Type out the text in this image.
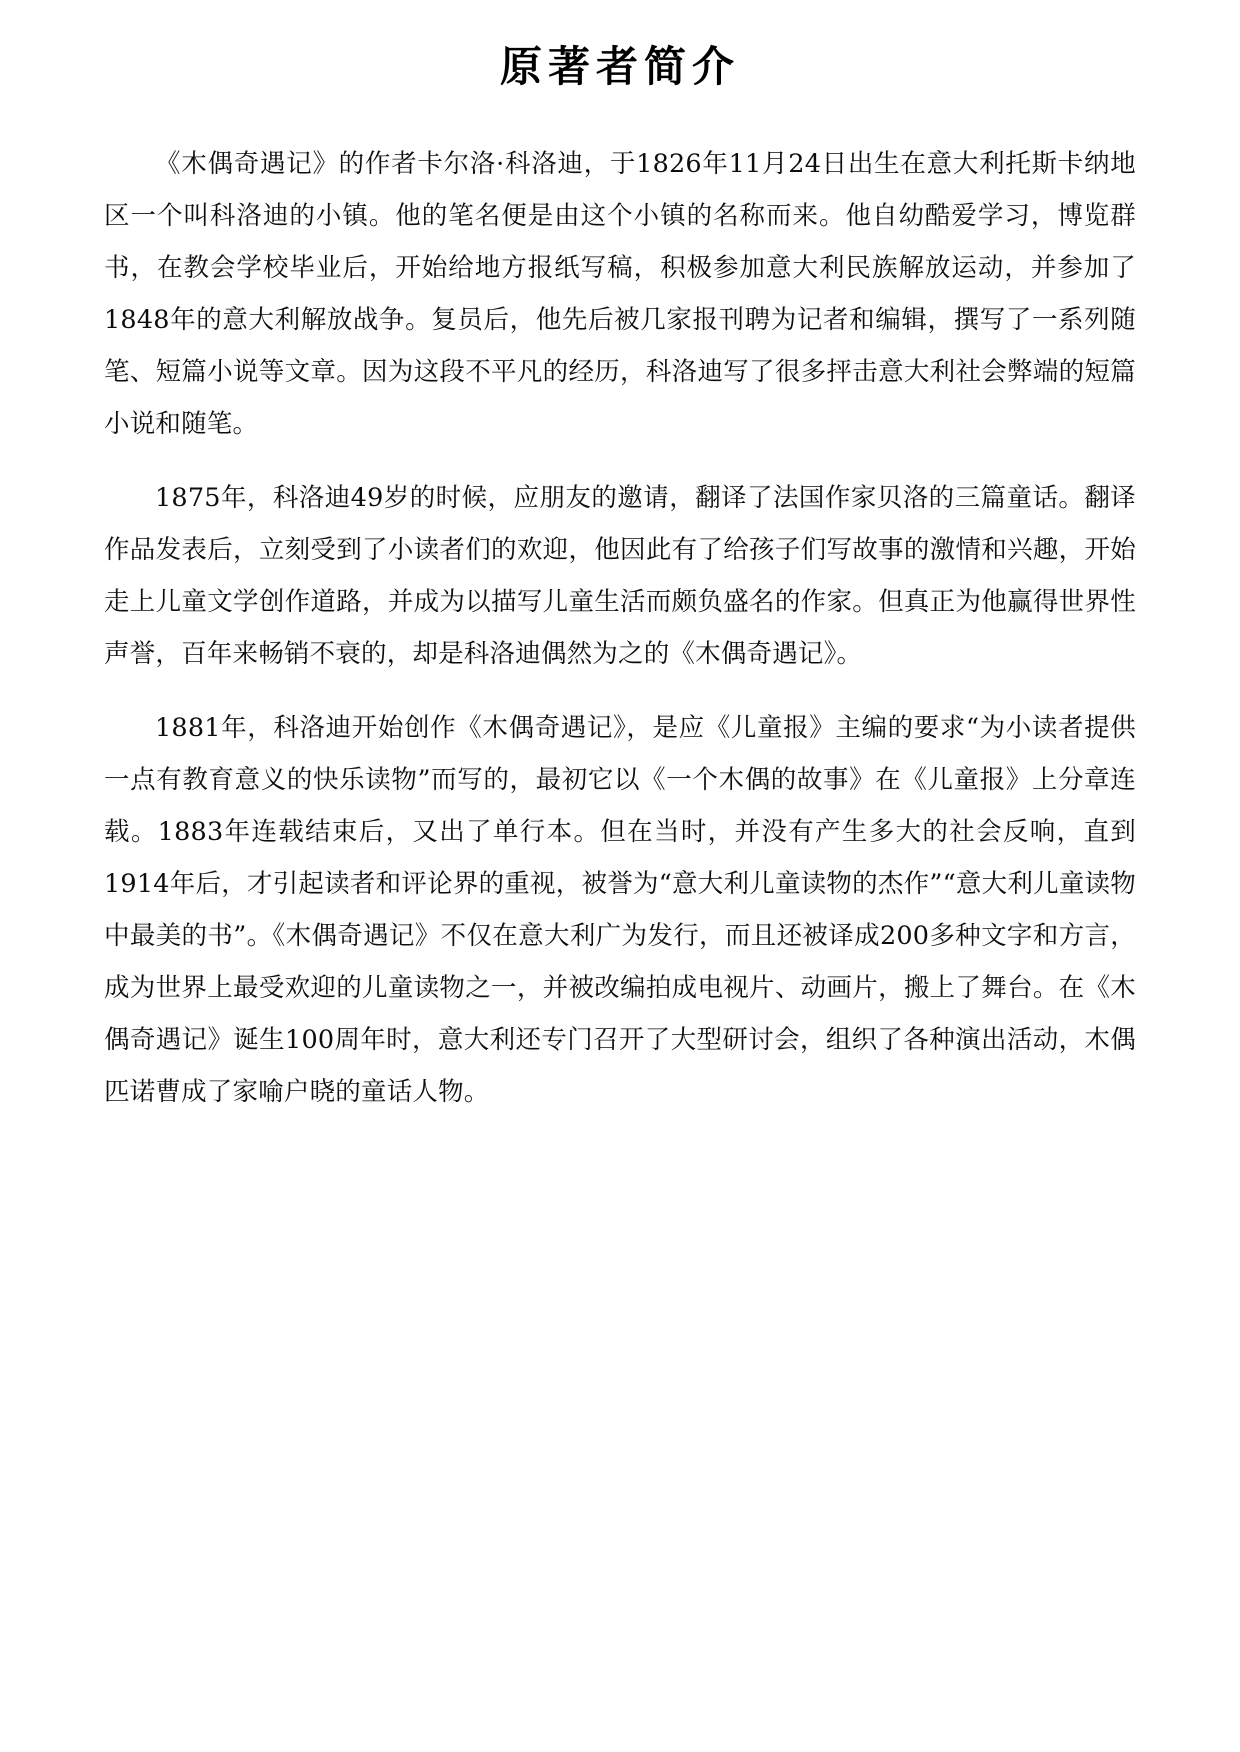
原著者简介

《木偶奇遇记》的作者卡尔洛·科洛迪，于1826年11月24日出生在意大利托斯卡纳地区一个叫科洛迪的小镇。他的笔名便是由这个小镇的名称而来。他自幼酷爱学习，博览群书，在教会学校毕业后，开始给地方报纸写稿，积极参加意大利民族解放运动，并参加了1848年的意大利解放战争。复员后，他先后被几家报刊聘为记者和编辑，撰写了一系列随笔、短篇小说等文章。因为这段不平凡的经历，科洛迪写了很多抨击意大利社会弊端的短篇小说和随笔。

1875年，科洛迪49岁的时候，应朋友的邀请，翻译了法国作家贝洛的三篇童话。翻译作品发表后，立刻受到了小读者们的欢迎，他因此有了给孩子们写故事的激情和兴趣，开始走上儿童文学创作道路，并成为以描写儿童生活而颇负盛名的作家。但真正为他赢得世界性声誉，百年来畅销不衰的，却是科洛迪偶然为之的《木偶奇遇记》。

1881年，科洛迪开始创作《木偶奇遇记》，是应《儿童报》主编的要求“为小读者提供一点有教育意义的快乐读物”而写的，最初它以《一个木偶的故事》在《儿童报》上分章连载。1883年连载结束后，又出了单行本。但在当时，并没有产生多大的社会反响，直到1914年后，才引起读者和评论界的重视，被誉为“意大利儿童读物的杰作”“意大利儿童读物中最美的书”。《木偶奇遇记》不仅在意大利广为发行，而且还被译成200多种文字和方言，成为世界上最受欢迎的儿童读物之一，并被改编拍成电视片、动画片，搬上了舞台。在《木偶奇遇记》诞生100周年时，意大利还专门召开了大型研讨会，组织了各种演出活动，木偶匹诺曹成了家喻户晓的童话人物。
